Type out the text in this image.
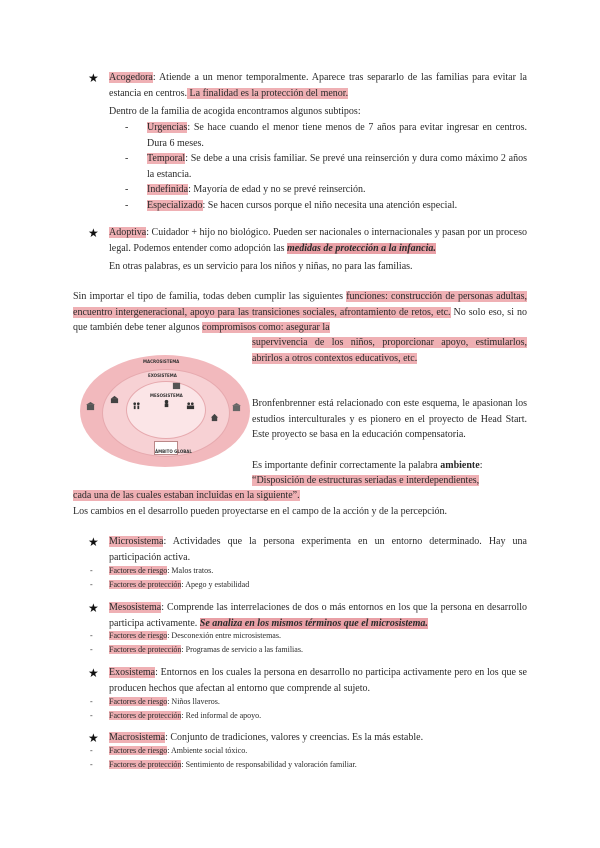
★ Acogedora: Atiende a un menor temporalmente. Aparece tras separarlo de las familias para evitar la estancia en centros. La finalidad es la protección del menor.
Dentro de la familia de acogida encontramos algunos subtipos:
- Urgencias: Se hace cuando el menor tiene menos de 7 años para evitar ingresar en centros. Dura 6 meses.
- Temporal: Se debe a una crisis familiar. Se prevé una reinserción y dura como máximo 2 años la estancia.
- Indefinida: Mayoría de edad y no se prevé reinserción.
- Especializado: Se hacen cursos porque el niño necesita una atención especial.
★ Adoptiva: Cuidador + hijo no biológico. Pueden ser nacionales o internacionales y pasan por un proceso legal. Podemos entender como adopción las medidas de protección a la infancia.
En otras palabras, es un servicio para los niños y niñas, no para las familias.
Sin importar el tipo de familia, todas deben cumplir las siguientes funciones: construcción de personas adultas, encuentro intergeneracional, apoyo para las transiciones sociales, afrontamiento de retos, etc. No solo eso, si no que también debe tener algunos compromisos como: asegurar la
supervivencia de los niños, proporcionar apoyo, estimularlos, abrirlos a otros contextos educativos, etc.
MACROSISTEMA
EXOSISTEMA
MESOSISTEMA
ÁMBITO GLOBAL
Bronfenbrenner está relacionado con este esquema, le apasionan los estudios interculturales y es pionero en el proyecto de Head Start. Este proyecto se basa en la educación compensatoria.
Es importante definir correctamente la palabra ambiente:
“Disposición de estructuras seriadas e interdependientes,
cada una de las cuales estaban incluidas en la siguiente”.
Los cambios en el desarrollo pueden proyectarse en el campo de la acción y de la percepción.
★ Microsistema: Actividades que la persona experimenta en un entorno determinado. Hay una participación activa.
- Factores de riesgo: Malos tratos.
- Factores de protección: Apego y estabilidad
★ Mesosistema: Comprende las interrelaciones de dos o más entornos en los que la persona en desarrollo participa activamente. Se analiza en los mismos términos que el microsistema.
- Factores de riesgo: Desconexión entre microsistemas.
- Factores de protección: Programas de servicio a las familias.
★ Exosistema: Entornos en los cuales la persona en desarrollo no participa activamente pero en los que se producen hechos que afectan al entorno que comprende al sujeto.
- Factores de riesgo: Niños llaveros.
- Factores de protección: Red informal de apoyo.
★ Macrosistema: Conjunto de tradiciones, valores y creencias. Es la más estable.
- Factores de riesgo: Ambiente social tóxico.
- Factores de protección: Sentimiento de responsabilidad y valoración familiar.
